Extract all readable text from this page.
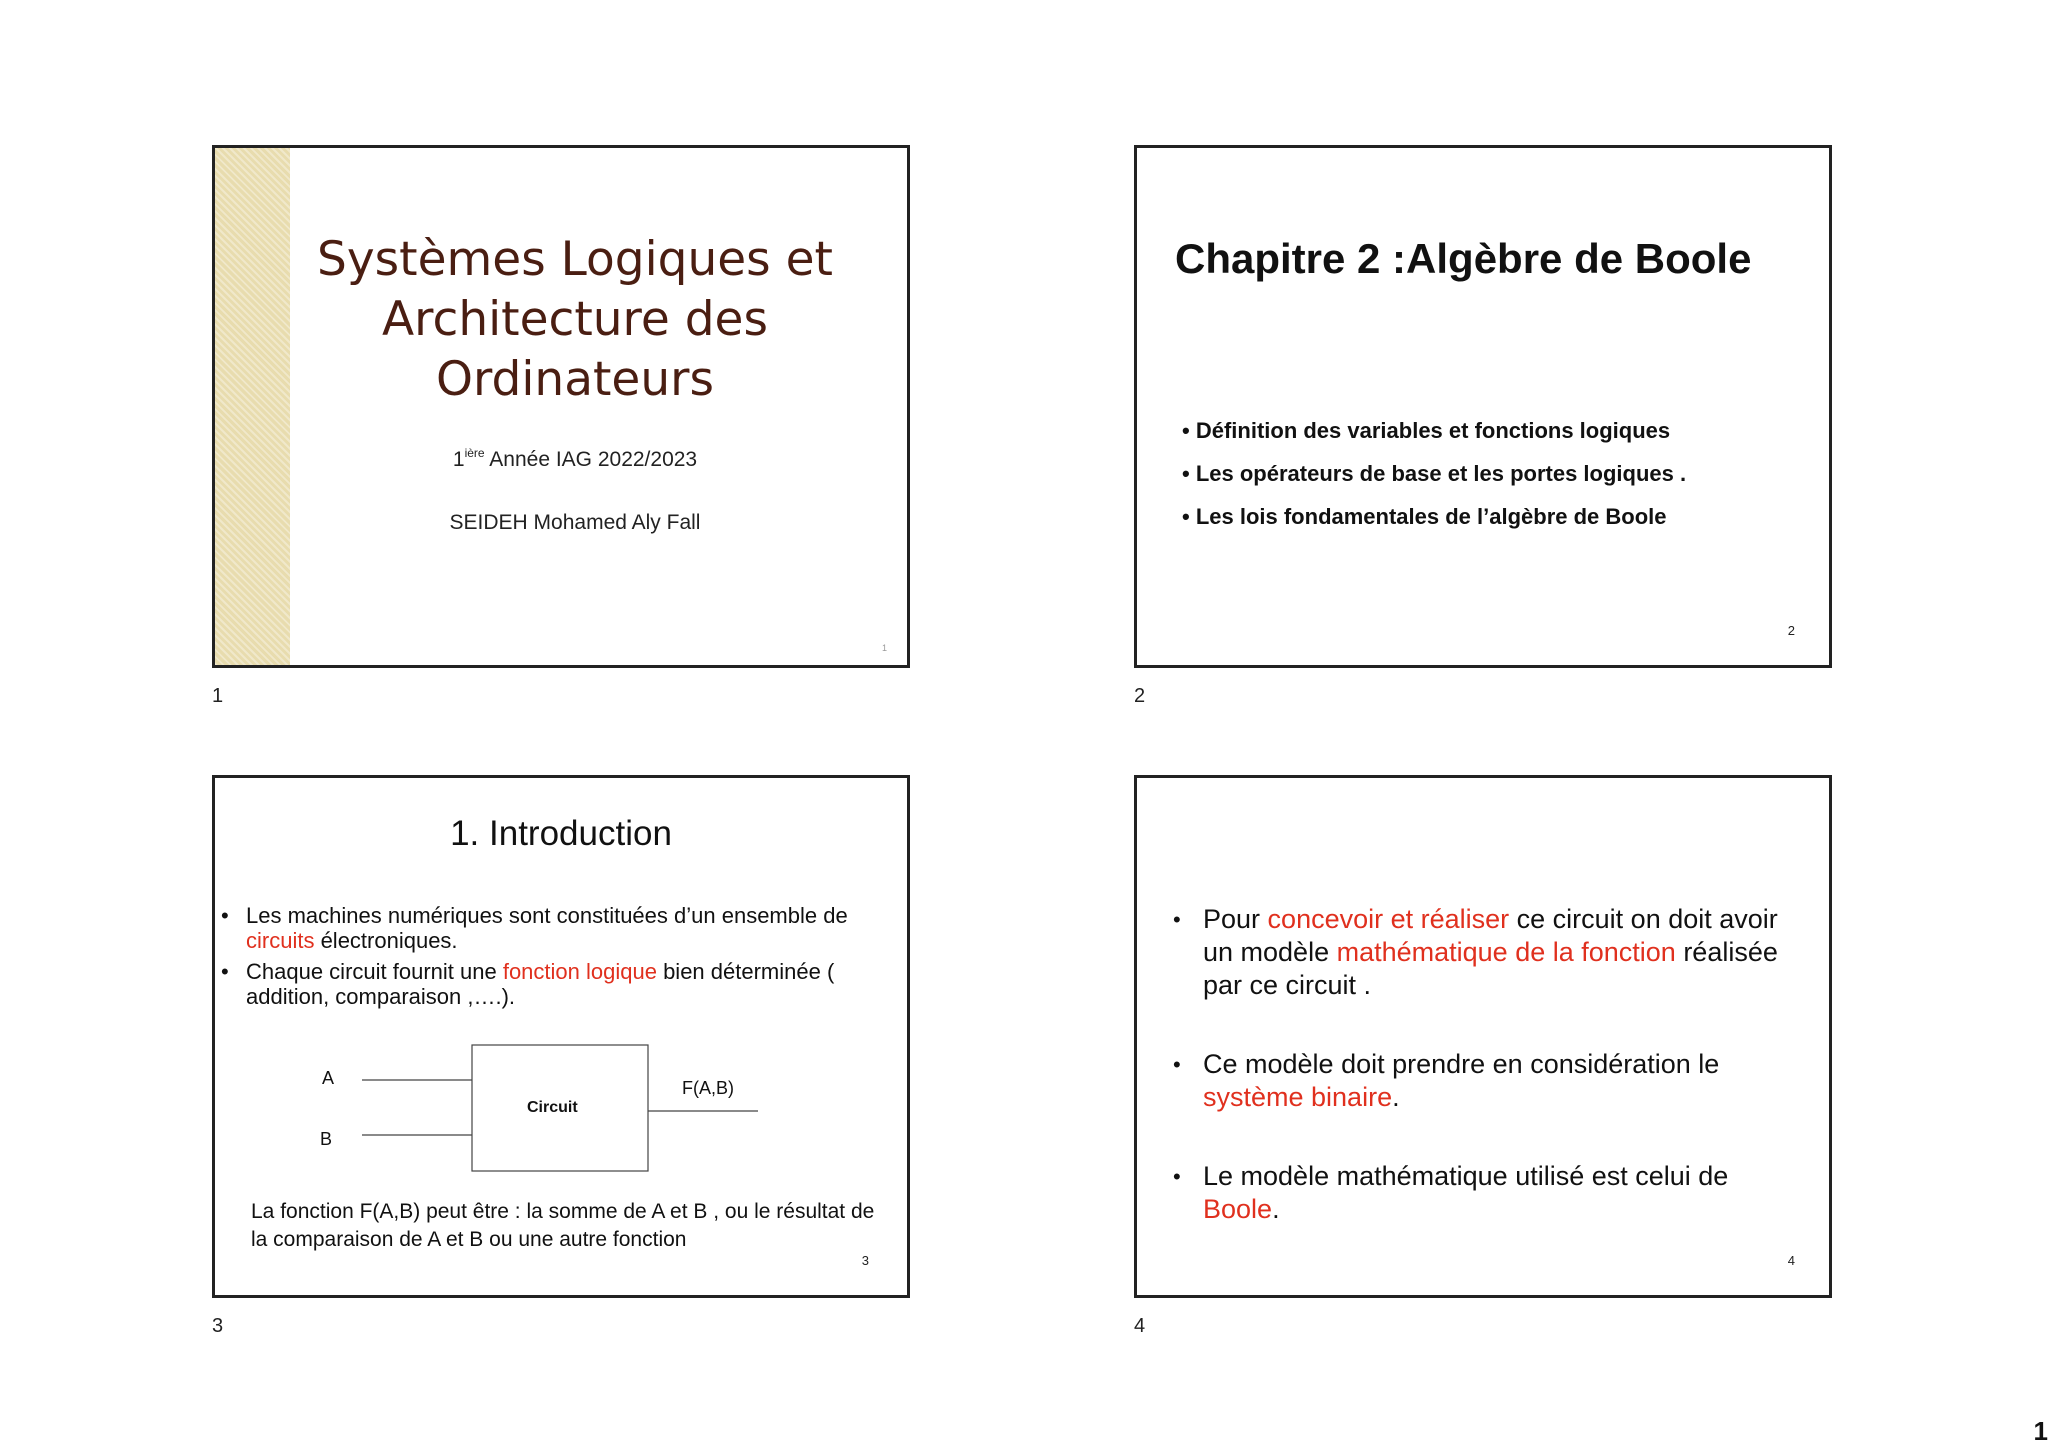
Systèmes Logiques et
Architecture des
Ordinateurs
$1^{ière}$ Année IAG 2022/2023
SEIDEH Mohamed Aly Fall
1
1
Chapitre 2 :Algèbre de Boole
• Définition des variables et fonctions logiques
• Les opérateurs de base et les portes logiques .
• Les lois fondamentales de l’algèbre de Boole
2
2
1. Introduction
• Les machines numériques sont constituées d’un ensemble de circuits électroniques.
• Chaque circuit fournit une fonction logique bien déterminée ( addition, comparaison ,….).
A
B
Circuit
F(A,B)
La fonction F(A,B) peut être : la somme de A et B , ou le résultat de la comparaison de A et B ou une autre fonction
3
3
• Pour concevoir et réaliser ce circuit on doit avoir un modèle mathématique de la fonction réalisée par ce circuit .
• Ce modèle doit prendre en considération le système binaire.
• Le modèle mathématique utilisé est celui de Boole.
4
4
1
